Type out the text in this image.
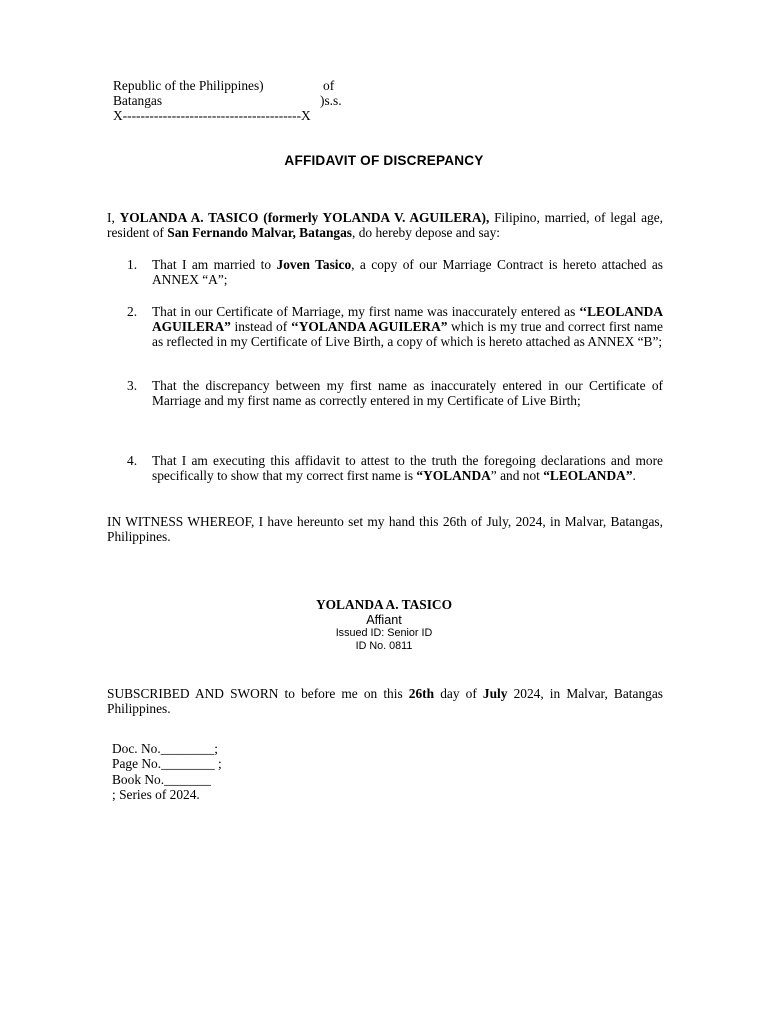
Republic of the Philippines)	of
Batangas	)s.s.
X----------------------------------------X
AFFIDAVIT OF DISCREPANCY
I, YOLANDA A. TASICO (formerly YOLANDA V. AGUILERA), Filipino, married, of legal age, resident of San Fernando Malvar, Batangas, do hereby depose and say:
1. That I am married to Joven Tasico, a copy of our Marriage Contract is hereto attached as ANNEX “A”;
2. That in our Certificate of Marriage, my first name was inaccurately entered as ‘‘LEOLANDA AGUILERA” instead of ‘‘YOLANDA AGUILERA” which is my true and correct first name as reflected in my Certificate of Live Birth, a copy of which is hereto attached as ANNEX “B”;
3. That the discrepancy between my first name as inaccurately entered in our Certificate of Marriage and my first name as correctly entered in my Certificate of Live Birth;
4. That I am executing this affidavit to attest to the truth the foregoing declarations and more specifically to show that my correct first name is “YOLANDA” and not “LEOLANDA”.
IN WITNESS WHEREOF, I have hereunto set my hand this 26th of July, 2024, in Malvar, Batangas, Philippines.
YOLANDA A. TASICO
Affiant
Issued ID: Senior ID
ID No. 0811
SUBSCRIBED AND SWORN to before me on this 26th day of July 2024, in Malvar, Batangas Philippines.
Doc. No.________;
Page No.________ ;
Book No._______
; Series of 2024.
